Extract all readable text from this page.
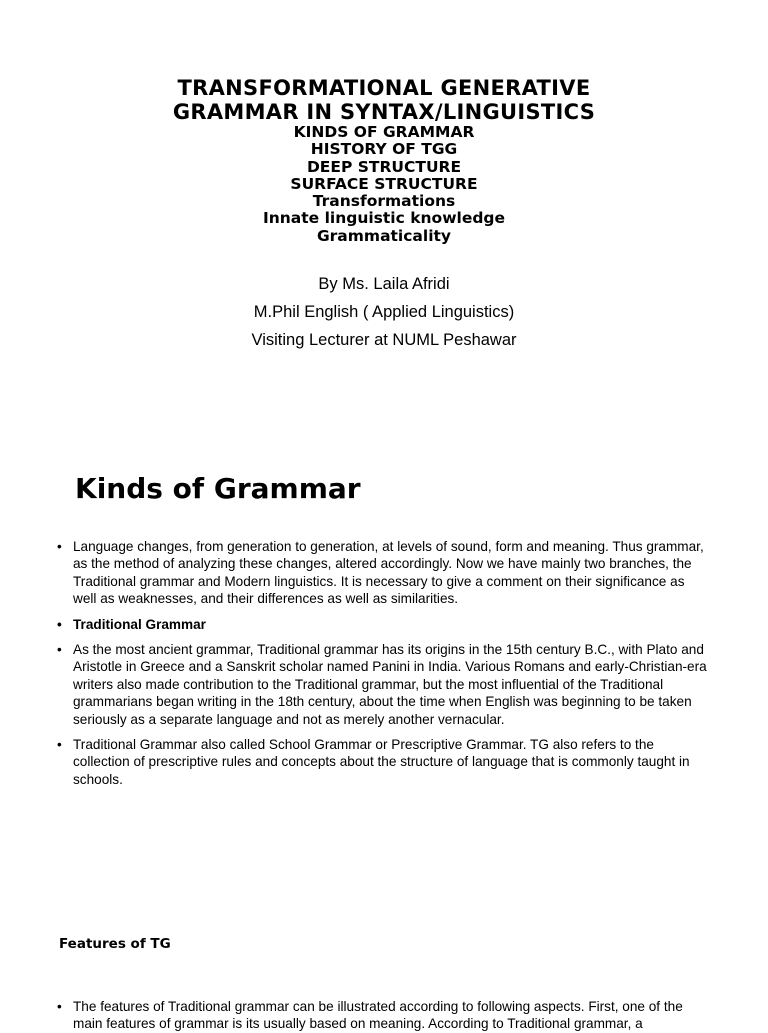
TRANSFORMATIONAL GENERATIVE
GRAMMAR IN SYNTAX/LINGUISTICS
KINDS OF GRAMMAR
HISTORY OF TGG
DEEP STRUCTURE
SURFACE STRUCTURE
Transformations
Innate linguistic knowledge
Grammaticality
By Ms. Laila Afridi
M.Phil English ( Applied Linguistics)
Visiting Lecturer at NUML Peshawar
Kinds of Grammar
• Language changes, from generation to generation, at levels of sound, form and meaning. Thus grammar, as the method of analyzing these changes, altered accordingly. Now we have mainly two branches, the Traditional grammar and Modern linguistics. It is necessary to give a comment on their significance as well as weaknesses, and their differences as well as similarities.
• Traditional Grammar
• As the most ancient grammar, Traditional grammar has its origins in the 15th century B.C., with Plato and Aristotle in Greece and a Sanskrit scholar named Panini in India. Various Romans and early-Christian-era writers also made contribution to the Traditional grammar, but the most influential of the Traditional grammarians began writing in the 18th century, about the time when English was beginning to be taken seriously as a separate language and not as merely another vernacular.
• Traditional Grammar also called School Grammar or Prescriptive Grammar. TG also refers to the collection of prescriptive rules and concepts about the structure of language that is commonly taught in schools.
Features of TG
• The features of Traditional grammar can be illustrated according to following aspects. First, one of the main features of grammar is its usually based on meaning. According to Traditional grammar, a
